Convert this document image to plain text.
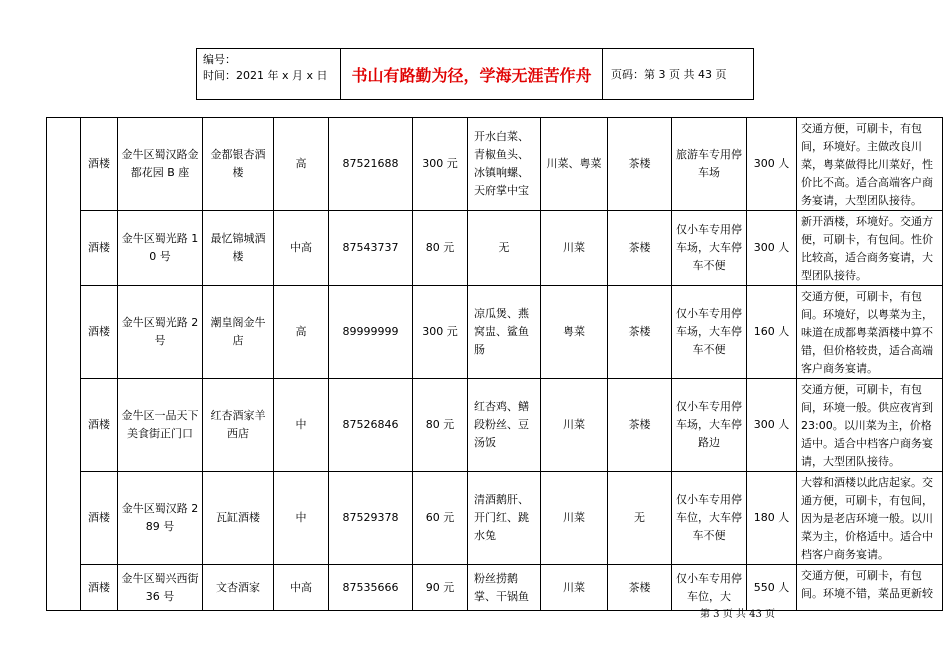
编号：
时间：2021 年 x 月 x 日	书山有路勤为径，学海无涯苦作舟	页码：第 3 页 共 43 页
	酒楼	金牛区蜀汉路金都花园 B 座	金都银杏酒楼	高	87521688	300 元	开水白菜、青椒鱼头、冰镇响螺、天府掌中宝	川菜、粤菜	茶楼	旅游车专用停车场	300 人	交通方便，可刷卡，有包间，环境好。主做改良川菜，粤菜做得比川菜好，性价比不高。适合高端客户商务宴请，大型团队接待。
	酒楼	金牛区蜀光路 10 号	最忆锦城酒楼	中高	87543737	80 元	无	川菜	茶楼	仅小车专用停车场，大车停车不便	300 人	新开酒楼，环境好。交通方便，可刷卡，有包间。性价比较高，适合商务宴请，大型团队接待。
	酒楼	金牛区蜀光路 2 号	潮皇阁金牛店	高	89999999	300 元	凉瓜煲、燕窝盅、鲨鱼肠	粤菜	茶楼	仅小车专用停车场，大车停车不便	160 人	交通方便，可刷卡，有包间。环境好，以粤菜为主，味道在成都粤菜酒楼中算不错，但价格较贵，适合高端客户商务宴请。
	酒楼	金牛区一品天下美食街正门口	红杏酒家羊西店	中	87526846	80 元	红杏鸡、鳝段粉丝、豆汤饭	川菜	茶楼	仅小车专用停车场，大车停路边	300 人	交通方便，可刷卡，有包间，环境一般。供应夜宵到 23:00。以川菜为主，价格适中。适合中档客户商务宴请，大型团队接待。
	酒楼	金牛区蜀汉路 289 号	瓦缸酒楼	中	87529378	60 元	清酒鹅肝、开门红、跳水兔	川菜	无	仅小车专用停车位，大车停车不便	180 人	大蓉和酒楼以此店起家。交通方便，可刷卡，有包间，因为是老店环境一般。以川菜为主，价格适中。适合中档客户商务宴请。
	酒楼	金牛区蜀兴西街 36 号	文杏酒家	中高	87535666	90 元	粉丝捞鹅掌、干锅鱼	川菜	茶楼	仅小车专用停车位，大	550 人	交通方便，可刷卡，有包间。环境不错，菜品更新较
第 3 页 共 43 页
